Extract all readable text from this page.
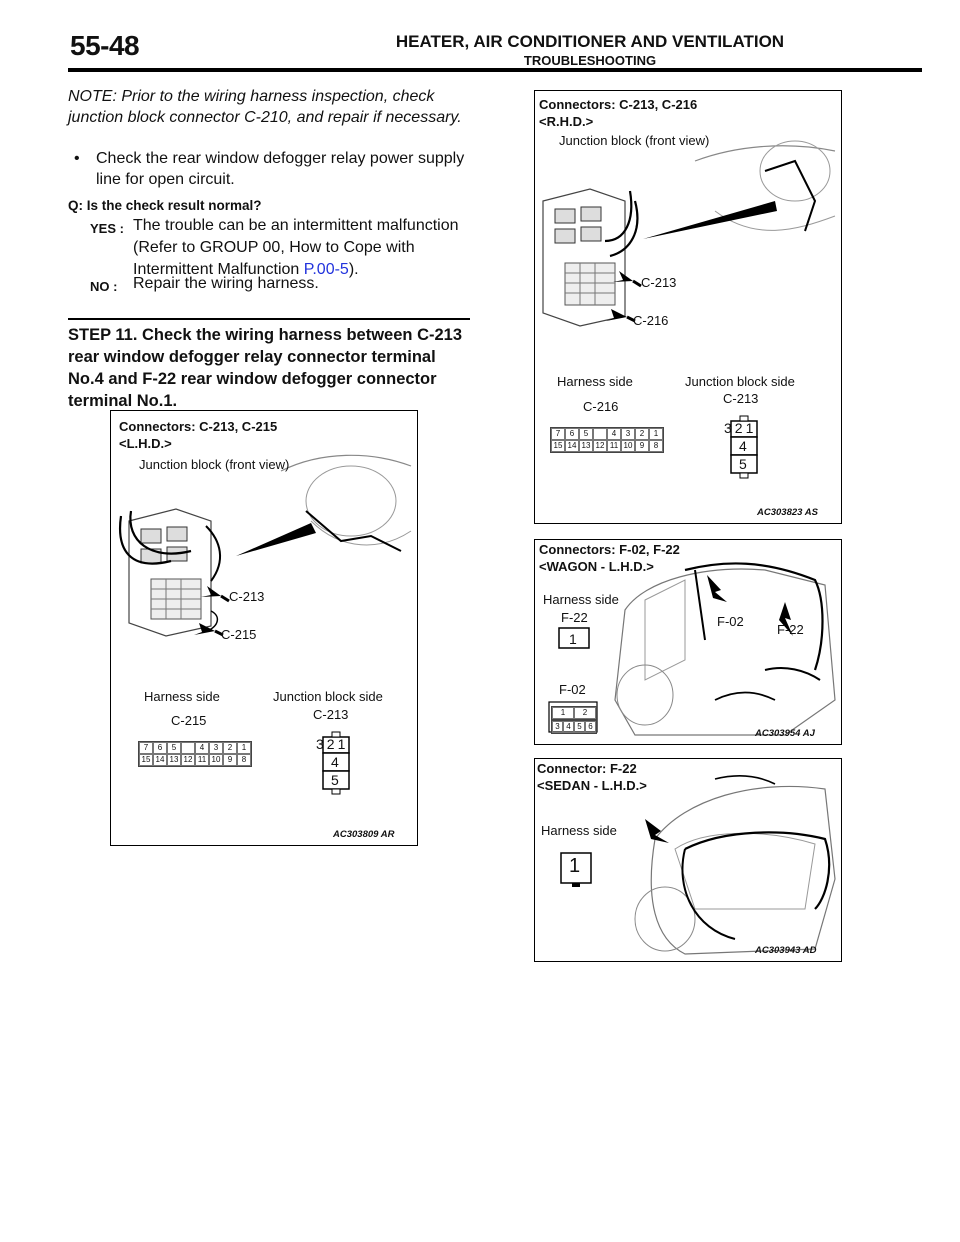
55-48	HEATER, AIR CONDITIONER AND VENTILATION
TROUBLESHOOTING
NOTE: Prior to the wiring harness inspection, check junction block connector C-210, and repair if necessary.
•	Check the rear window defogger relay power supply line for open circuit.
Q: Is the check result normal?
YES : The trouble can be an intermittent malfunction (Refer to GROUP 00, How to Cope with Intermittent Malfunction P.00-5).
NO : Repair the wiring harness.
STEP 11. Check the wiring harness between C-213 rear window defogger relay connector terminal No.4 and F-22 rear window defogger connector terminal No.1.
Connectors: C-213, C-215
<L.H.D.>
Junction block (front view)
C-213
C-215
Harness side	Junction block side
C-215	C-213
7	6	5	4	3	2	1
15 14 13 12 11 10 9	8
321
4
5
AC303809 AR
Connectors: C-213, C-216
<R.H.D.>
Junction block (front view)
C-213
C-216
Harness side	Junction block side
C-216
C-213
7	6	5	4	3	2	1
15 14 13 12 11 10 9	8
321
4
5
AC303823 AS
Connectors: F-02, F-22
<WAGON - L.H.D.>
Harness side
F-22
1
F-02
1	2
3 4 5 6
F-02
F-22
AC303954 AJ
Connector: F-22
<SEDAN - L.H.D.>
Harness side
1
AC303943 AD
